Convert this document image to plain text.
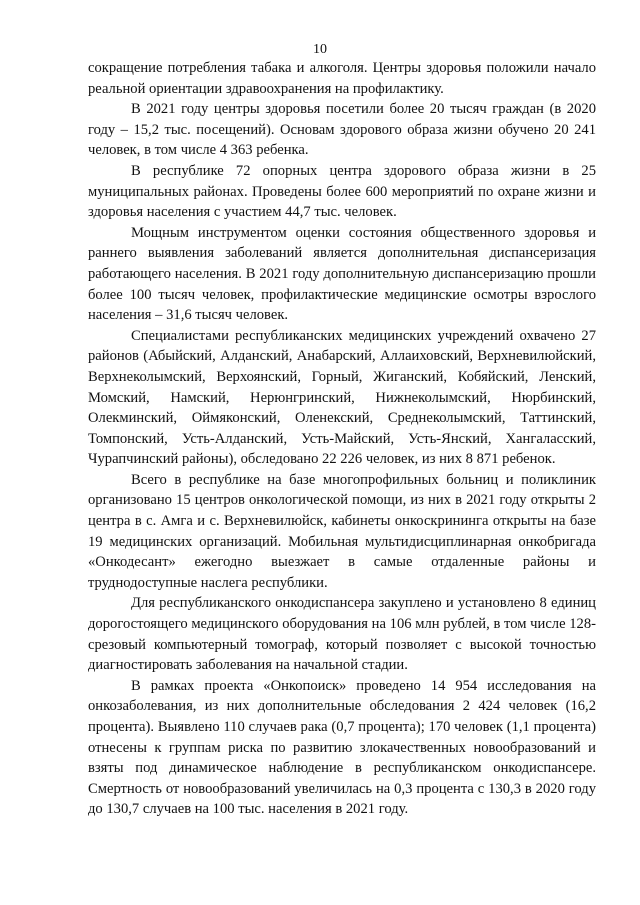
10

сокращение потребления табака и алкоголя. Центры здоровья положили начало реальной ориентации здравоохранения на профилактику.

В 2021 году центры здоровья посетили более 20 тысяч граждан (в 2020 году – 15,2 тыс. посещений). Основам здорового образа жизни обучено 20 241 человек, в том числе 4 363 ребенка.

В республике 72 опорных центра здорового образа жизни в 25 муниципальных районах. Проведены более 600 мероприятий по охране жизни и здоровья населения с участием 44,7 тыс. человек.

Мощным инструментом оценки состояния общественного здоровья и раннего выявления заболеваний является дополнительная диспансеризация работающего населения. В 2021 году дополнительную диспансеризацию прошли более 100 тысяч человек, профилактические медицинские осмотры взрослого населения – 31,6 тысяч человек.

Специалистами республиканских медицинских учреждений охвачено 27 районов (Абыйский, Алданский, Анабарский, Аллаиховский, Верхневилюйский, Верхнеколымский, Верхоянский, Горный, Жиганский, Кобяйский, Ленский, Момский, Намский, Нерюнгринский, Нижнеколымский, Нюрбинский, Олекминский, Оймяконский, Оленекский, Среднеколымский, Таттинский, Томпонский, Усть-Алданский, Усть-Майский, Усть-Янский, Хангаласский, Чурапчинский районы), обследовано 22 226 человек, из них 8 871 ребенок.

Всего в республике на базе многопрофильных больниц и поликлиник организовано 15 центров онкологической помощи, из них в 2021 году открыты 2 центра в с. Амга и с. Верхневилюйск, кабинеты онкоскрининга открыты на базе 19 медицинских организаций. Мобильная мультидисциплинарная онкобригада «Онкодесант» ежегодно выезжает в самые отдаленные районы и труднодоступные наслега республики.

Для республиканского онкодиспансера закуплено и установлено 8 единиц дорогостоящего медицинского оборудования на 106 млн рублей, в том числе 128-срезовый компьютерный томограф, который позволяет с высокой точностью диагностировать заболевания на начальной стадии.

В рамках проекта «Онкопоиск» проведено 14 954 исследования на онкозаболевания, из них дополнительные обследования 2 424 человек (16,2 процента). Выявлено 110 случаев рака (0,7 процента); 170 человек (1,1 процента) отнесены к группам риска по развитию злокачественных новообразований и взяты под динамическое наблюдение в республиканском онкодиспансере. Смертность от новообразований увеличилась на 0,3 процента с 130,3 в 2020 году до 130,7 случаев на 100 тыс. населения в 2021 году.
